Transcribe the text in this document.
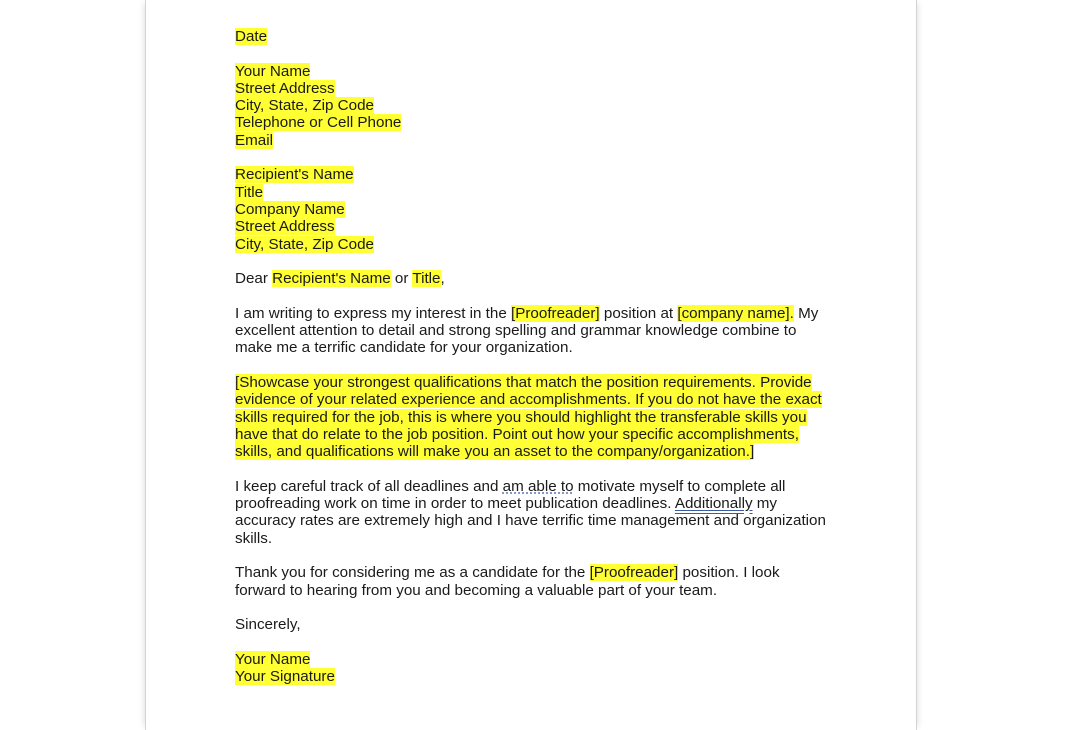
Date
Your Name
Street Address
City, State, Zip Code
Telephone or Cell Phone
Email
Recipient's Name
Title
Company Name
Street Address
City, State, Zip Code
Dear Recipient's Name or Title,
I am writing to express my interest in the [Proofreader] position at [company name]. My
excellent attention to detail and strong spelling and grammar knowledge combine to
make me a terrific candidate for your organization.
[Showcase your strongest qualifications that match the position requirements. Provide
evidence of your related experience and accomplishments. If you do not have the exact
skills required for the job, this is where you should highlight the transferable skills you
have that do relate to the job position. Point out how your specific accomplishments,
skills, and qualifications will make you an asset to the company/organization.]
I keep careful track of all deadlines and am able to motivate myself to complete all
proofreading work on time in order to meet publication deadlines. Additionally my
accuracy rates are extremely high and I have terrific time management and organization
skills.
Thank you for considering me as a candidate for the [Proofreader] position. I look
forward to hearing from you and becoming a valuable part of your team.
Sincerely,
Your Name
Your Signature
